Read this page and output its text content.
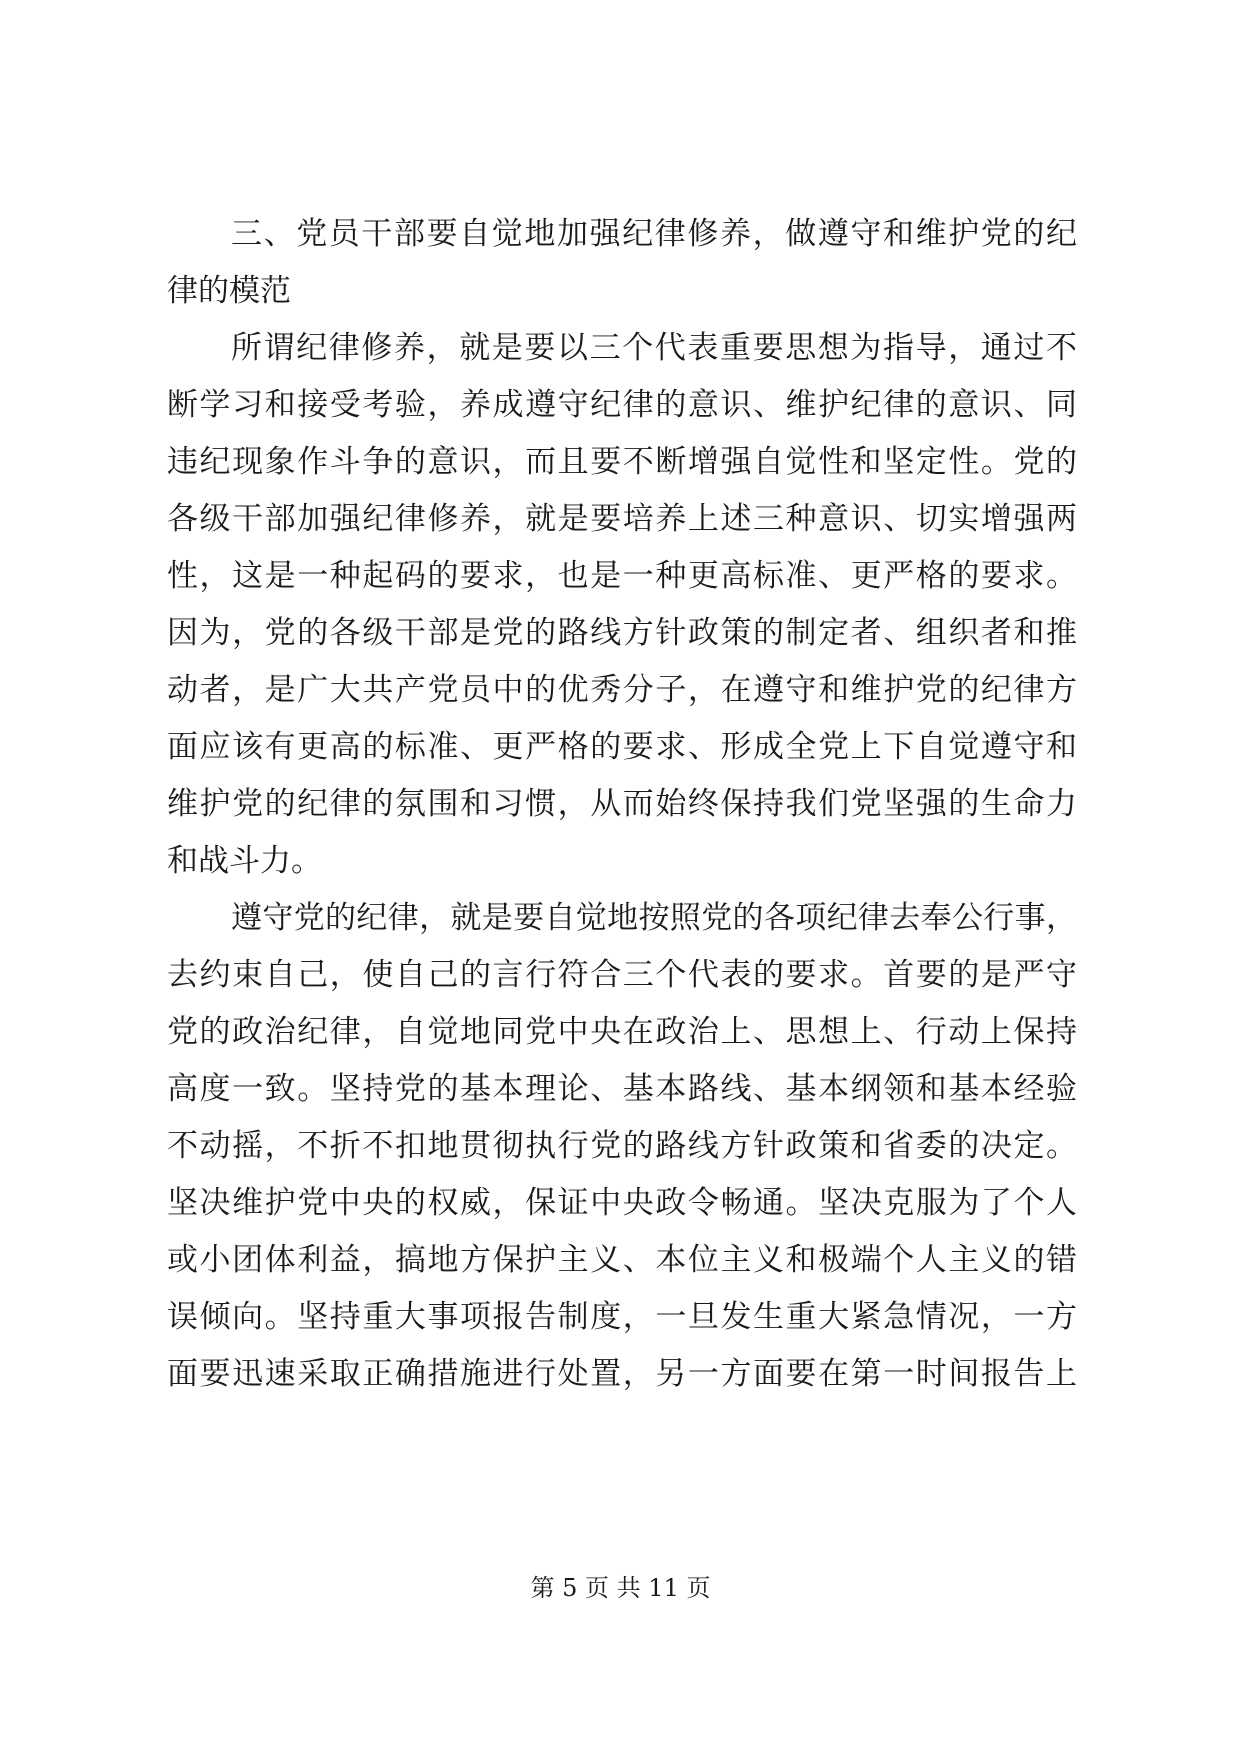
三、党员干部要自觉地加强纪律修养，做遵守和维护党的纪
律的模范
所谓纪律修养，就是要以三个代表重要思想为指导，通过不
断学习和接受考验，养成遵守纪律的意识、维护纪律的意识、同
违纪现象作斗争的意识，而且要不断增强自觉性和坚定性。党的
各级干部加强纪律修养，就是要培养上述三种意识、切实增强两
性，这是一种起码的要求，也是一种更高标准、更严格的要求。
因为，党的各级干部是党的路线方针政策的制定者、组织者和推
动者，是广大共产党员中的优秀分子，在遵守和维护党的纪律方
面应该有更高的标准、更严格的要求、形成全党上下自觉遵守和
维护党的纪律的氛围和习惯，从而始终保持我们党坚强的生命力
和战斗力。
遵守党的纪律，就是要自觉地按照党的各项纪律去奉公行事，
去约束自己，使自己的言行符合三个代表的要求。首要的是严守
党的政治纪律，自觉地同党中央在政治上、思想上、行动上保持
高度一致。坚持党的基本理论、基本路线、基本纲领和基本经验
不动摇，不折不扣地贯彻执行党的路线方针政策和省委的决定。
坚决维护党中央的权威，保证中央政令畅通。坚决克服为了个人
或小团体利益，搞地方保护主义、本位主义和极端个人主义的错
误倾向。坚持重大事项报告制度，一旦发生重大紧急情况，一方
面要迅速采取正确措施进行处置，另一方面要在第一时间报告上
第 5 页 共 11 页
